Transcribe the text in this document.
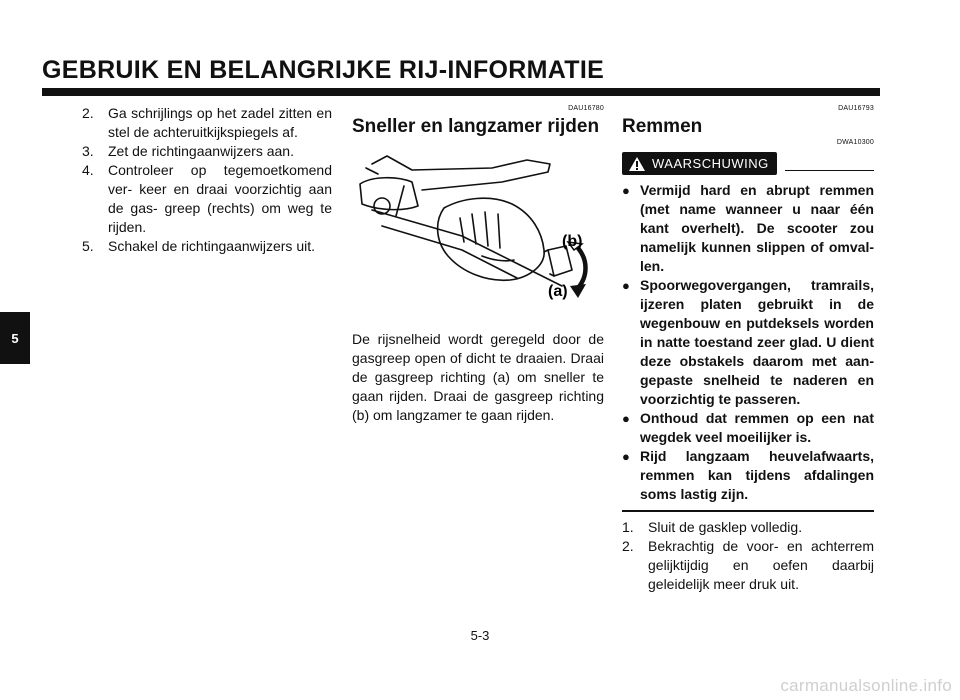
GEBRUIK EN BELANGRIJKE RIJ-INFORMATIE
5
2.	Ga schrijlings op het zadel zitten en stel de achteruitkijkspiegels af.
3.	Zet de richtingaanwijzers aan.
4.	Controleer op tegemoetkomend ver- keer en draai voorzichtig aan de gas- greep (rechts) om weg te rijden.
5.	Schakel de richtingaanwijzers uit.
DAU16780
Sneller en langzamer rijden
(b)
(a)

De rijsnelheid wordt geregeld door de gasgreep open of dicht te draaien. Draai de gasgreep richting (a) om sneller te gaan rijden. Draai de gasgreep richting (b) om langzamer te gaan rijden.

DAU16793
Remmen
DWA10300
WAARSCHUWING
● Vermijd hard en abrupt remmen (met name wanneer u naar één kant overhelt). De scooter zou namelijk kunnen slippen of omval- len.
● Spoorwegovergangen, tramrails, ijzeren platen gebruikt in de wegenbouw en putdeksels worden in natte toestand zeer glad. U dient deze obstakels daarom met aan- gepaste snelheid te naderen en voorzichtig te passeren.
● Onthoud dat remmen op een nat wegdek veel moeilijker is.
● Rijd langzaam heuvelafwaarts, remmen kan tijdens afdalingen soms lastig zijn.
1.	Sluit de gasklep volledig.
2.	Bekrachtig de voor- en achterrem gelijktijdig en oefen daarbij geleidelijk meer druk uit.
5-3
carmanualsonline.info
